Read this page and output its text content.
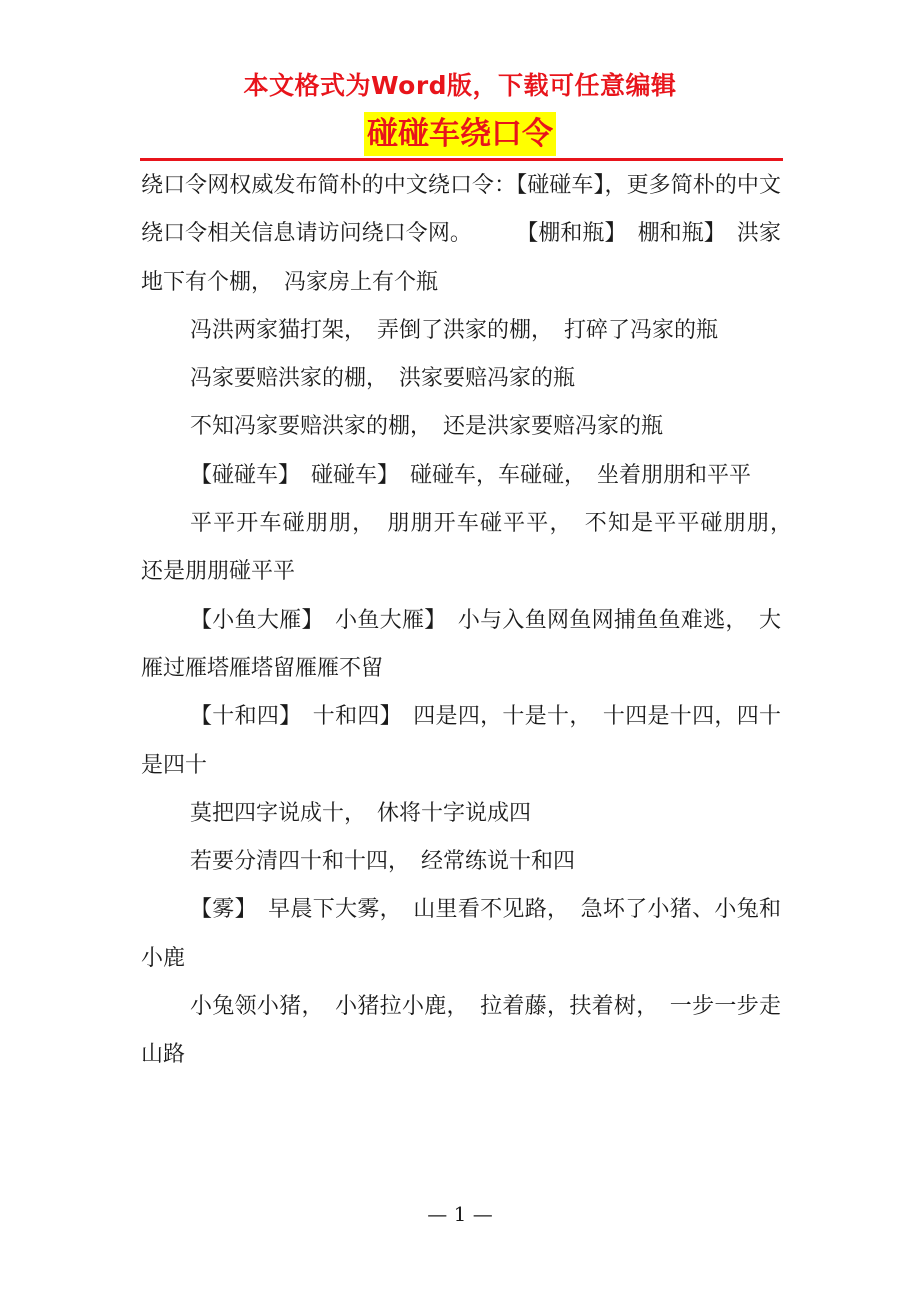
本文格式为Word版，下载可任意编辑
碰碰车绕口令

绕口令网权威发布简朴的中文绕口令：【碰碰车】，更多简朴的中文绕口令相关信息请访问绕口令网。　　　【棚和瓶】　棚和瓶】　洪家地下有个棚，　冯家房上有个瓶

冯洪两家猫打架，　弄倒了洪家的棚，　打碎了冯家的瓶

冯家要赔洪家的棚，　洪家要赔冯家的瓶

不知冯家要赔洪家的棚，　还是洪家要赔冯家的瓶

【碰碰车】　碰碰车】　碰碰车，车碰碰，　坐着朋朋和平平

平平开车碰朋朋，　朋朋开车碰平平，　不知是平平碰朋朋，　还是朋朋碰平平

【小鱼大雁】　小鱼大雁】　小与入鱼网鱼网捕鱼鱼难逃，　大雁过雁塔雁塔留雁雁不留

【十和四】　十和四】　四是四，十是十，　十四是十四，四十是四十

莫把四字说成十，　休将十字说成四

若要分清四十和十四，　经常练说十和四

【雾】　早晨下大雾，　山里看不见路，　急坏了小猪、小兔和小鹿

小兔领小猪，　小猪拉小鹿，　拉着藤，扶着树，　一步一步走山路

— 1 —
